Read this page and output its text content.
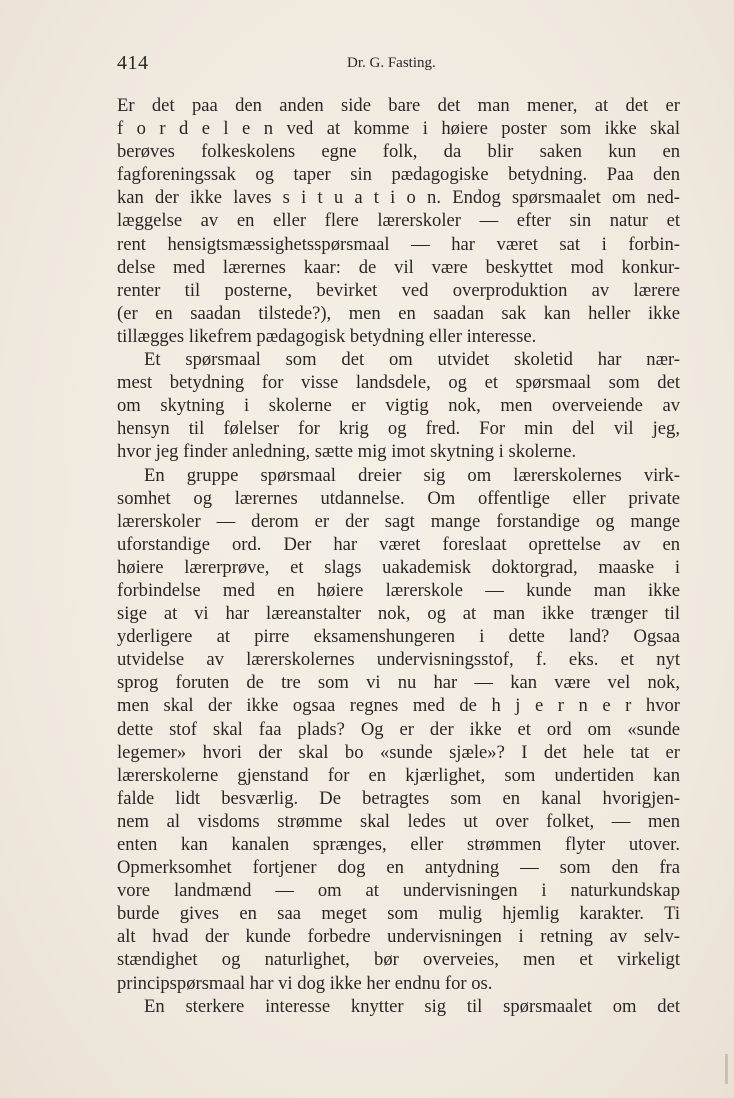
414	Dr. G. Fasting.
Er det paa den anden side bare det man mener, at det er
f o r d e l e n ved at komme i høiere poster som ikke skal
berøves folkeskolens egne folk, da blir saken kun en
fagforeningssak og taper sin pædagogiske betydning. Paa den
kan der ikke laves s i t u a t i o n. Endog spørsmaalet om ned-
læggelse av en eller flere lærerskoler — efter sin natur et
rent hensigtsmæssighetsspørsmaal — har været sat i forbin-
delse med lærernes kaar: de vil være beskyttet mod konkur-
renter til posterne, bevirket ved overproduktion av lærere
(er en saadan tilstede?), men en saadan sak kan heller ikke
tillægges likefrem pædagogisk betydning eller interesse.
Et spørsmaal som det om utvidet skoletid har nær-
mest betydning for visse landsdele, og et spørsmaal som det
om skytning i skolerne er vigtig nok, men overveiende av
hensyn til følelser for krig og fred. For min del vil jeg,
hvor jeg finder anledning, sætte mig imot skytning i skolerne.
En gruppe spørsmaal dreier sig om lærerskolernes virk-
somhet og lærernes utdannelse. Om offentlige eller private
lærerskoler — derom er der sagt mange forstandige og mange
uforstandige ord. Der har været foreslaat oprettelse av en
høiere lærerprøve, et slags uakademisk doktorgrad, maaske i
forbindelse med en høiere lærerskole — kunde man ikke
sige at vi har læreanstalter nok, og at man ikke trænger til
yderligere at pirre eksamenshungeren i dette land? Ogsaa
utvidelse av lærerskolernes undervisningsstof, f. eks. et nyt
sprog foruten de tre som vi nu har — kan være vel nok,
men skal der ikke ogsaa regnes med de h j e r n e r hvor
dette stof skal faa plads? Og er der ikke et ord om «sunde
legemer» hvori der skal bo «sunde sjæle»? I det hele tat er
lærerskolerne gjenstand for en kjærlighet, som undertiden kan
falde lidt besværlig. De betragtes som en kanal hvorigjen-
nem al visdoms strømme skal ledes ut over folket, — men
enten kan kanalen sprænges, eller strømmen flyter utover.
Opmerksomhet fortjener dog en antydning — som den fra
vore landmænd — om at undervisningen i naturkundskap
burde gives en saa meget som mulig hjemlig karakter. Ti
alt hvad der kunde forbedre undervisningen i retning av selv-
stændighet og naturlighet, bør overveies, men et virkeligt
principspørsmaal har vi dog ikke her endnu for os.
En sterkere interesse knytter sig til spørsmaalet om det
